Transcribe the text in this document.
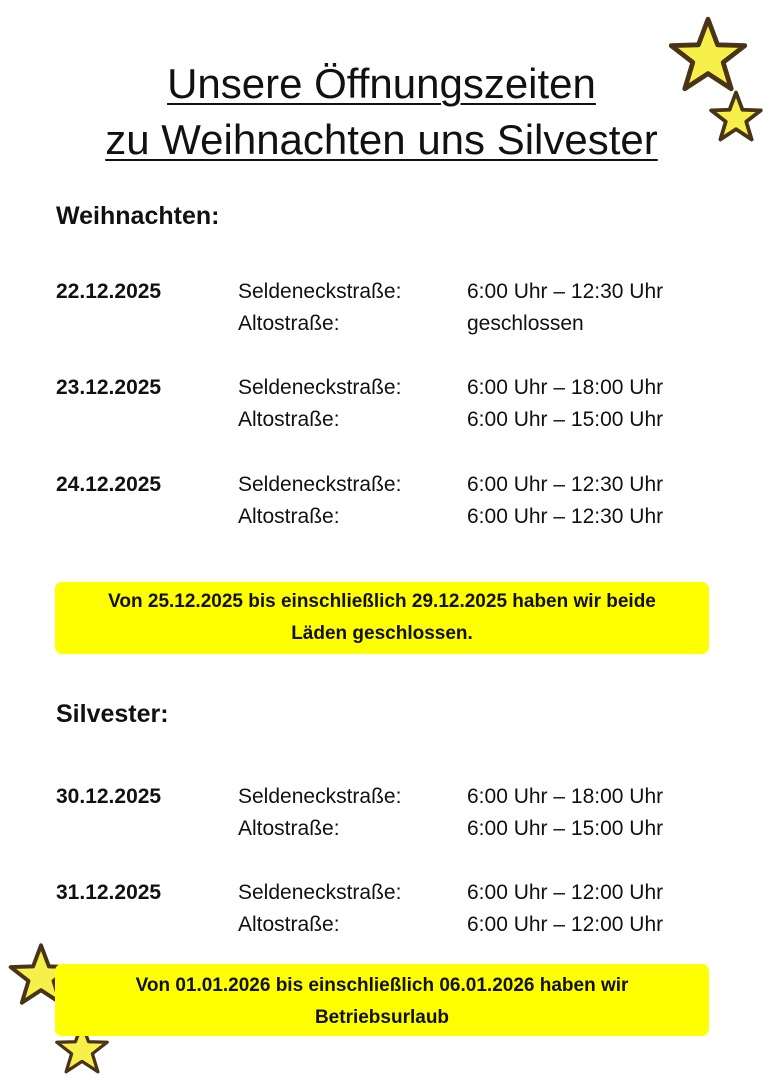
Unsere Öffnungszeiten
zu Weihnachten uns Silvester
Weihnachten:
22.12.2025	Seldeneckstraße:	6:00 Uhr – 12:30 Uhr
Altostraße:	geschlossen
23.12.2025	Seldeneckstraße:	6:00 Uhr – 18:00 Uhr
Altostraße:	6:00 Uhr – 15:00 Uhr
24.12.2025	Seldeneckstraße:	6:00 Uhr – 12:30 Uhr
Altostraße:	6:00 Uhr – 12:30 Uhr
Von 25.12.2025 bis einschließlich 29.12.2025 haben wir beide
Läden geschlossen.
Silvester:
30.12.2025	Seldeneckstraße:	6:00 Uhr – 18:00 Uhr
Altostraße:	6:00 Uhr – 15:00 Uhr
31.12.2025	Seldeneckstraße:	6:00 Uhr – 12:00 Uhr
Altostraße:	6:00 Uhr – 12:00 Uhr
Von 01.01.2026 bis einschließlich 06.01.2026 haben wir
Betriebsurlaub
